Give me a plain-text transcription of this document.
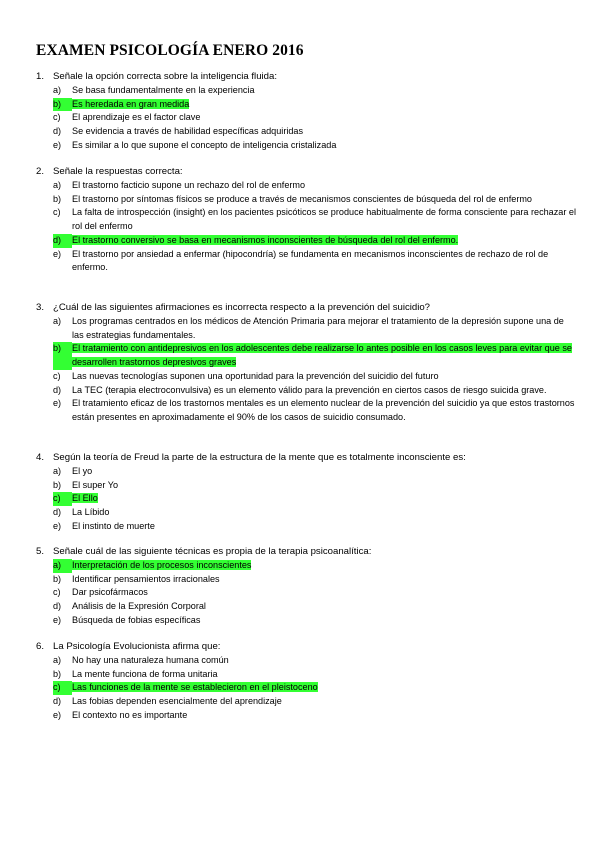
EXAMEN PSICOLOGÍA ENERO 2016
1. Señale la opción correcta sobre la inteligencia fluida:
a)	Se basa fundamentalmente en la experiencia
b)	Es heredada en gran medida
c)	El aprendizaje es el factor clave
d)	Se evidencia a través de habilidad específicas adquiridas
e)	Es similar a lo que supone el concepto de inteligencia cristalizada
2. Señale la respuestas correcta:
a)	El trastorno facticio supone un rechazo del rol de enfermo
b)	El trastorno por síntomas físicos se produce a través de mecanismos conscientes de búsqueda del rol de enfermo
c)	La falta de introspección (insight) en los pacientes psicóticos se produce habitualmente de forma consciente para rechazar el rol del enfermo
d)	El trastorno conversivo se basa en mecanismos inconscientes de búsqueda del rol del enfermo.
e)	El trastorno por ansiedad a enfermar (hipocondría) se fundamenta en mecanismos inconscientes de rechazo de rol de enfermo.
3. ¿Cuál de las siguientes afirmaciones es incorrecta respecto a la prevención del suicidio?
a)	Los programas centrados en los médicos de Atención Primaria para mejorar el tratamiento de la depresión supone una de las estrategias fundamentales.
b)	El tratamiento con antidepresivos en los adolescentes debe realizarse lo antes posible en los casos leves para evitar que se desarrollen trastornos depresivos graves
c)	Las nuevas tecnologías suponen una oportunidad para la prevención del suicidio del futuro
d)	La TEC (terapia electroconvulsiva) es un elemento válido para la prevención en ciertos casos de riesgo suicida grave.
e)	El tratamiento eficaz de los trastornos mentales es un elemento nuclear de la prevención del suicidio ya que estos trastornos están presentes en aproximadamente el 90% de los casos de suicidio consumado.
4. Según la teoría de Freud la parte de la estructura de la mente que es totalmente inconsciente es:
a)	El yo
b)	El super Yo
c)	El Ello
d)	La Líbido
e)	El instinto de muerte
5. Señale cuál de las siguiente técnicas es propia de la terapia psicoanalítica:
a)	Interpretación de los procesos inconscientes
b)	Identificar pensamientos irracionales
c)	Dar psicofármacos
d)	Análisis de la Expresión Corporal
e)	Búsqueda de fobias específicas
6. La Psicología Evolucionista afirma que:
a)	No hay una naturaleza humana común
b)	La mente funciona de forma unitaria
c)	Las funciones de la mente se establecieron en el pleistoceno
d)	Las fobias dependen esencialmente del aprendizaje
e)	El contexto no es importante
